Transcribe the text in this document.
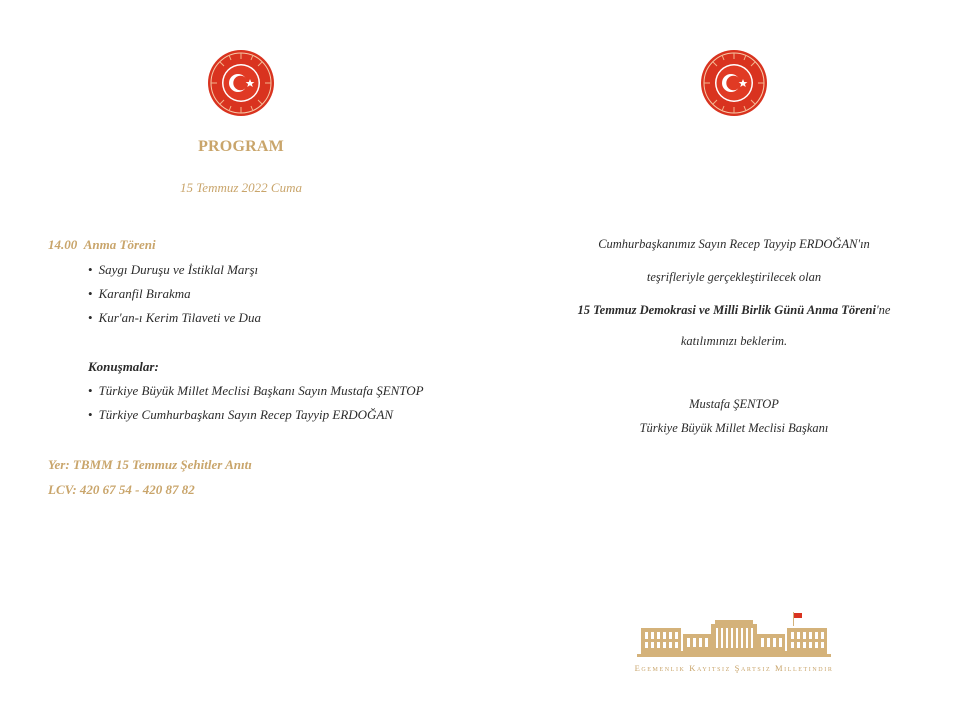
PROGRAM
15 Temmuz 2022 Cuma
14.00 Anma Töreni
• Saygı Duruşu ve İstiklal Marşı
• Karanfil Bırakma
• Kur'an-ı Kerim Tilaveti ve Dua
Konuşmalar:
• Türkiye Büyük Millet Meclisi Başkanı Sayın Mustafa ŞENTOP
• Türkiye Cumhurbaşkanı Sayın Recep Tayyip ERDOĞAN
Yer: TBMM 15 Temmuz Şehitler Anıtı
LCV: 420 67 54 - 420 87 82
Cumhurbaşkanımız Sayın Recep Tayyip ERDOĞAN'ın
teşrifleriyle gerçekleştirilecek olan
15 Temmuz Demokrasi ve Milli Birlik Günü Anma Töreni'ne
katılımınızı beklerim.
Mustafa ŞENTOP
Türkiye Büyük Millet Meclisi Başkanı
Egemenlik Kayıtsız Şartsız Milletindir
